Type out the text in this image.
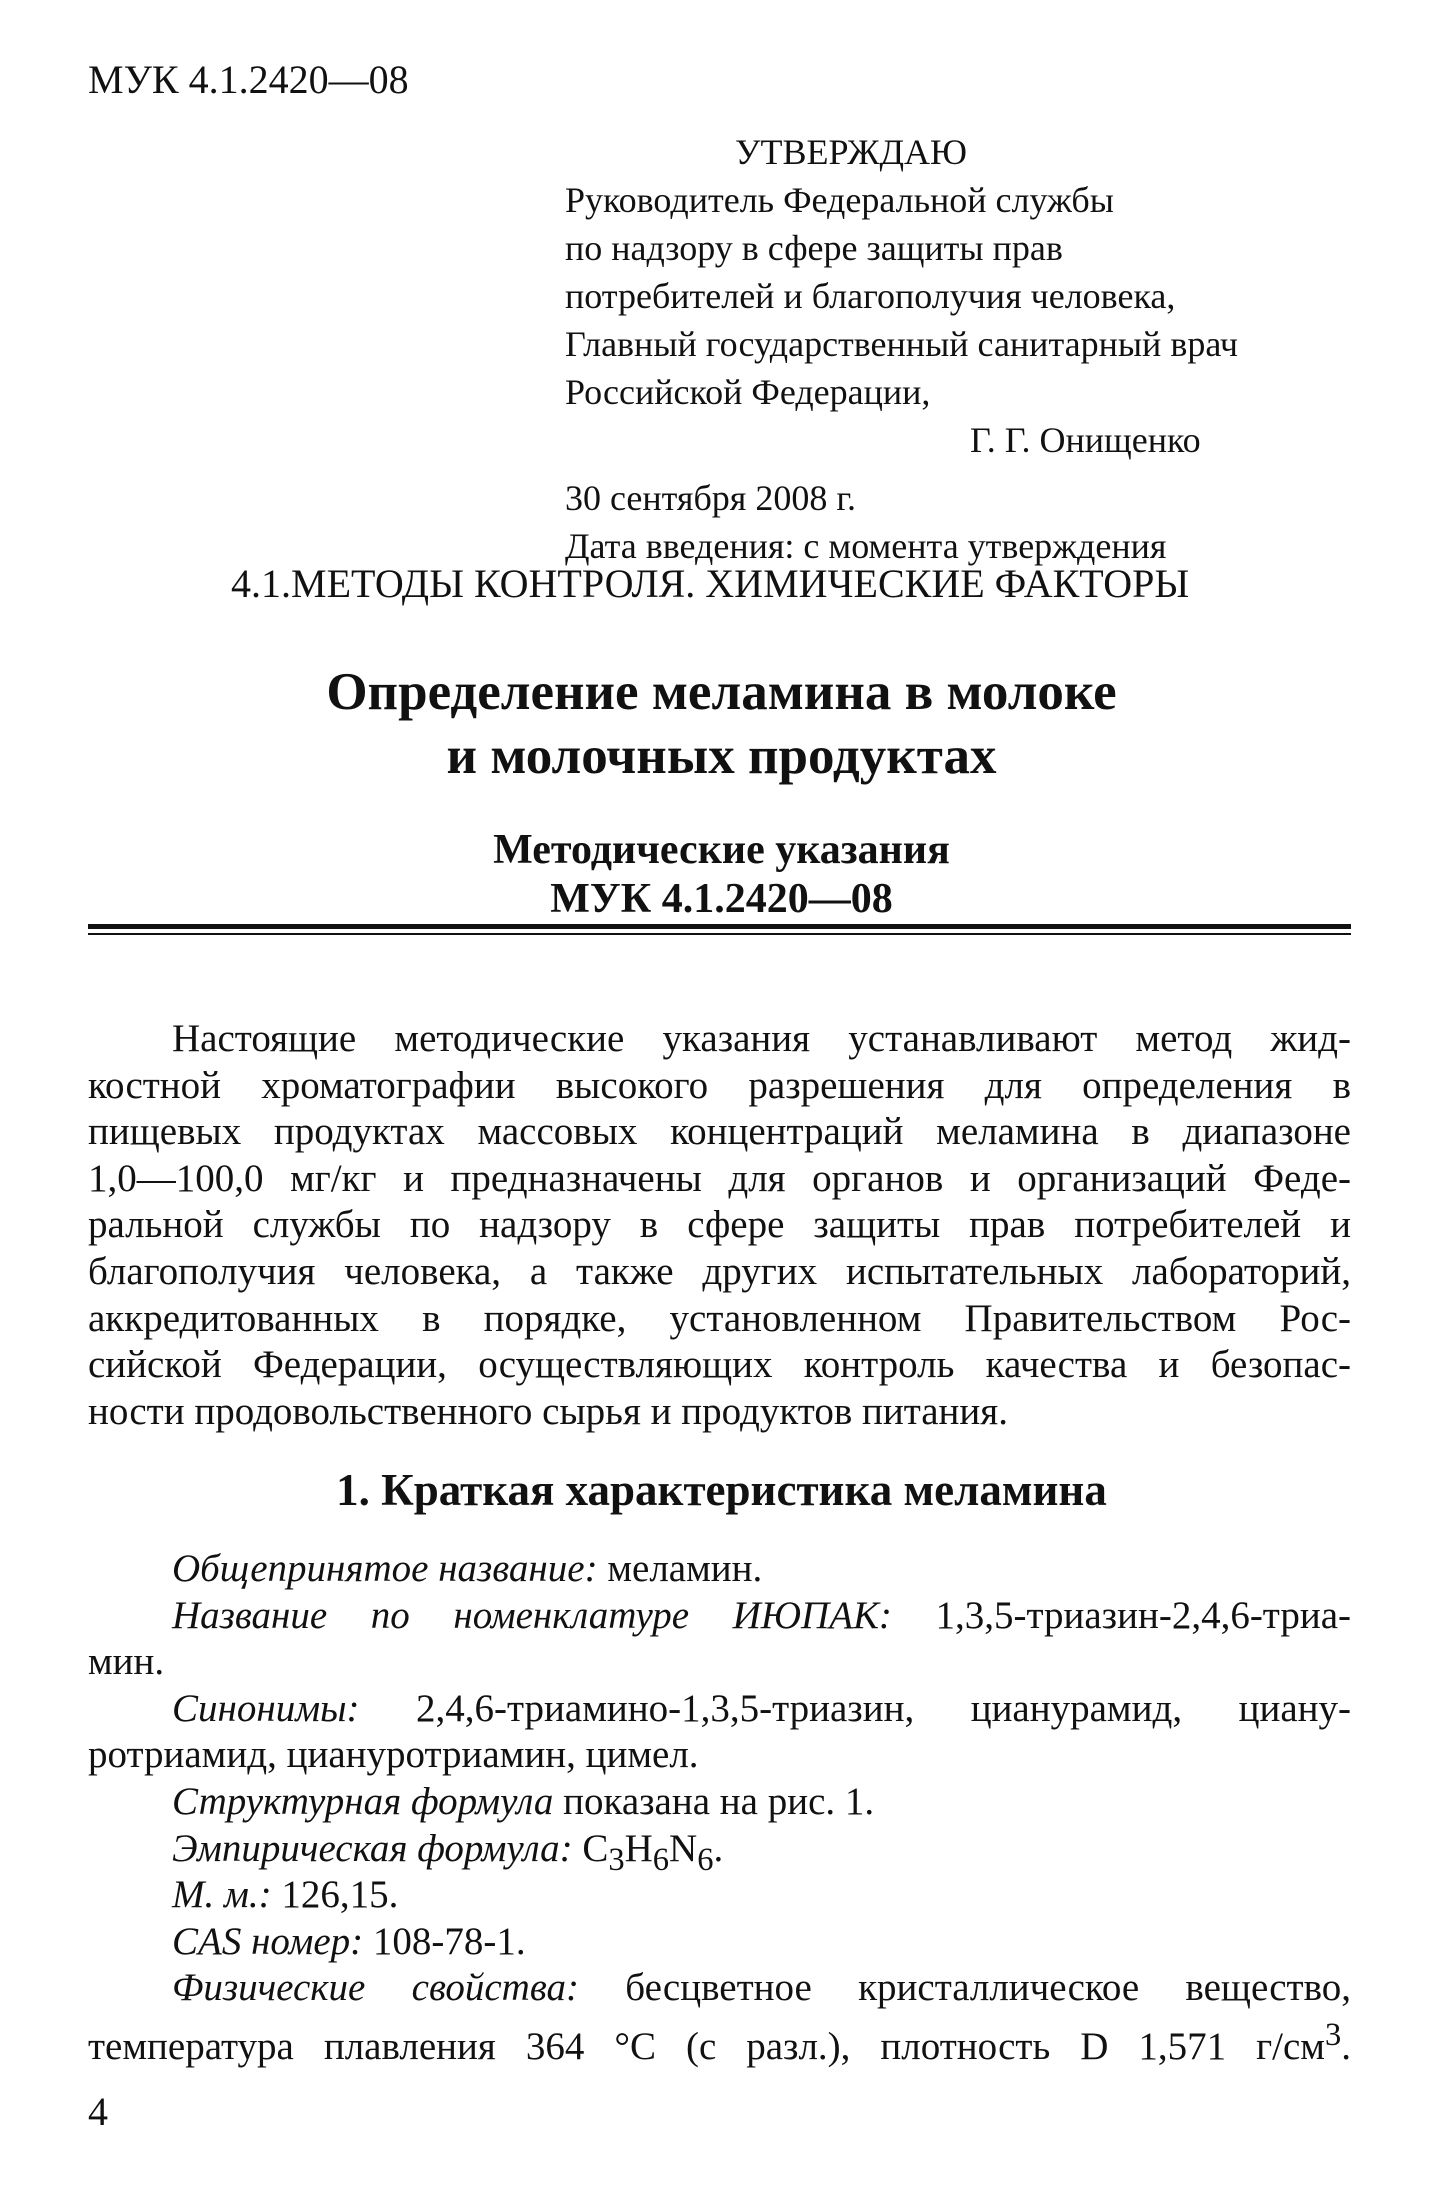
МУК 4.1.2420—08
УТВЕРЖДАЮ
Руководитель Федеральной службы
по надзору в сфере защиты прав
потребителей и благополучия человека,
Главный государственный санитарный врач
Российской Федерации,
Г. Г. Онищенко
30 сентября 2008 г.
Дата введения: с момента утверждения
4.1.МЕТОДЫ КОНТРОЛЯ. ХИМИЧЕСКИЕ ФАКТОРЫ
Определение меламина в молоке
и молочных продуктах
Методические указания
МУК 4.1.2420—08
Настоящие методические указания устанавливают метод жид-
костной хроматографии высокого разрешения для определения в
пищевых продуктах массовых концентраций меламина в диапазоне
1,0—100,0 мг/кг и предназначены для органов и организаций Феде-
ральной службы по надзору в сфере защиты прав потребителей и
благополучия человека, а также других испытательных лабораторий,
аккредитованных в порядке, установленном Правительством Рос-
сийской Федерации, осуществляющих контроль качества и безопас-
ности продовольственного сырья и продуктов питания.
1. Краткая характеристика меламина
Общепринятое название: меламин.
Название по номенклатуре ИЮПАК: 1,3,5-триазин-2,4,6-триа-
мин.
Синонимы: 2,4,6-триамино-1,3,5-триазин, цианурамид, циану-
ротриамид, циануротриамин, цимел.
Структурная формула показана на рис. 1.
Эмпирическая формула: $C_3H_6N_6$.
М. м.: 126,15.
CAS номер: 108-78-1.
Физические свойства: бесцветное кристаллическое вещество,
температура плавления 364 °С (с разл.), плотность D 1,571 $г/см^3$.
4
